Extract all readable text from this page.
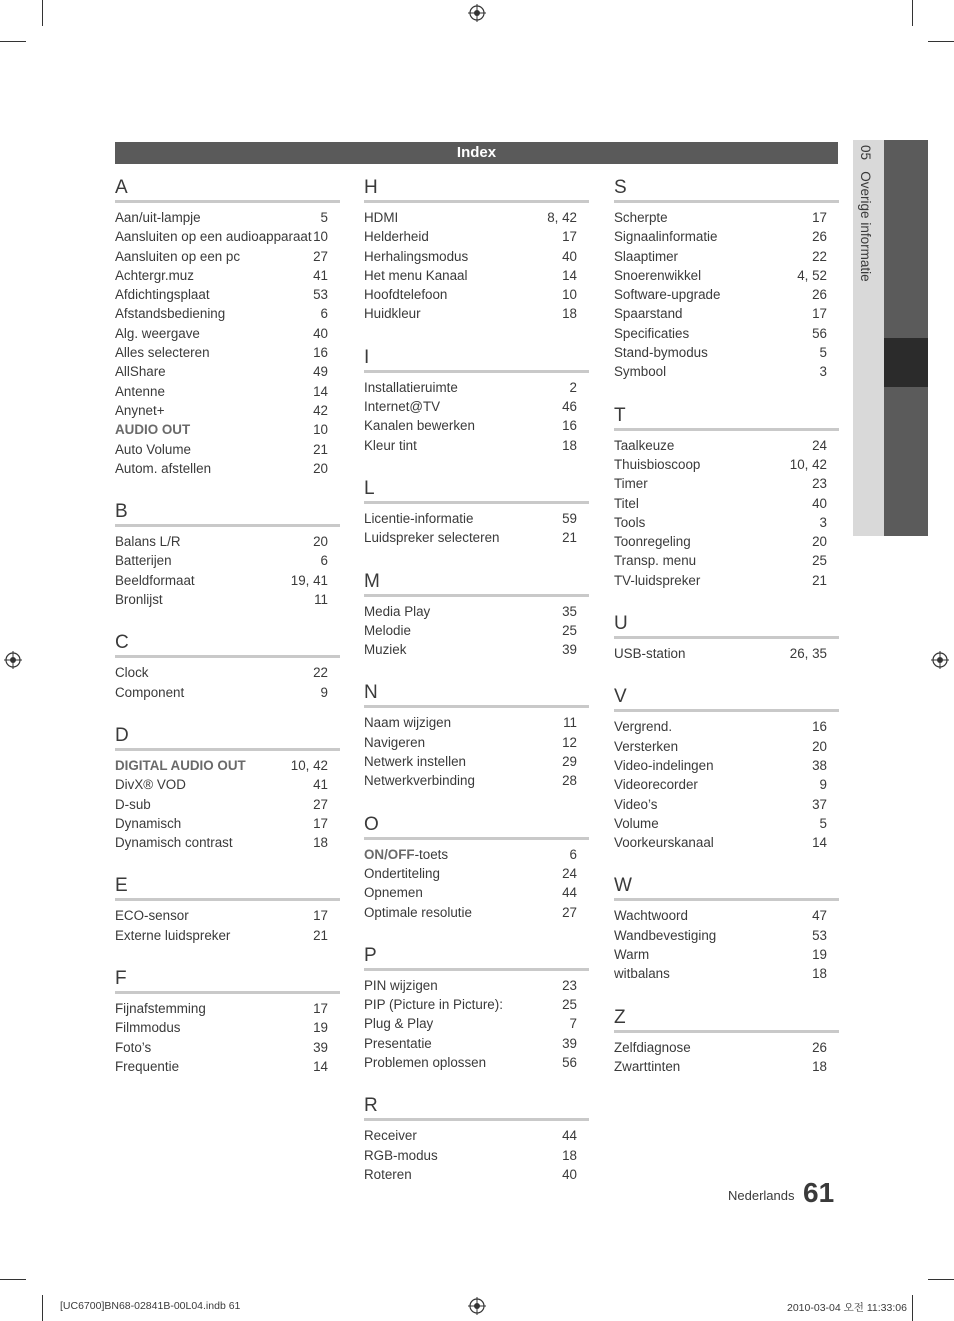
Index	05   Overige informatie
A
Aan/uit-lampje	5
Aansluiten op een audioapparaat 10
Aansluiten op een pc	27
Achtergr.muz	41
Afdichtingsplaat	53
Afstandsbediening	6
Alg. weergave	40
Alles selecteren	16
AllShare	49
Antenne	14
Anynet+	42
AUDIO OUT	10
Auto Volume	21
Autom. afstellen	20
B
Balans L/R	20
Batterijen	6
Beeldformaat	19, 41
Bronlijst	11
C
Clock	22
Component	9
D
DIGITAL AUDIO OUT	10, 42
DivX® VOD	41
D-sub	27
Dynamisch	17
Dynamisch contrast	18
E
ECO-sensor	17
Externe luidspreker	21
F
Fijnafstemming	17
Filmmodus	19
Foto’s	39
Frequentie	14
H
HDMI	8, 42
Helderheid	17
Herhalingsmodus	40
Het menu Kanaal	14
Hoofdtelefoon	10
Huidkleur	18
I
Installatieruimte	2
Internet@TV	46
Kanalen bewerken	16
Kleur tint	18
L
Licentie-informatie	59
Luidspreker selecteren	21
M
Media Play	35
Melodie	25
Muziek	39
N
Naam wijzigen	11
Navigeren	12
Netwerk instellen	29
Netwerkverbinding	28
O
ON/OFF-toets	6
Ondertiteling	24
Opnemen	44
Optimale resolutie	27
P
PIN wijzigen	23
PIP (Picture in Picture):	25
Plug & Play	7
Presentatie	39
Problemen oplossen	56
R
Receiver	44
RGB-modus	18
Roteren	40
S
Scherpte	17
Signaalinformatie	26
Slaaptimer	22
Snoerenwikkel	4, 52
Software-upgrade	26
Spaarstand	17
Specificaties	56
Stand-bymodus	5
Symbool	3
T
Taalkeuze	24
Thuisbioscoop	10, 42
Timer	23
Titel	40
Tools	3
Toonregeling	20
Transp. menu	25
TV-luidspreker	21
U
USB-station	26, 35
V
Vergrend.	16
Versterken	20
Video-indelingen	38
Videorecorder	9
Video’s	37
Volume	5
Voorkeurskanaal	14
W
Wachtwoord	47
Wandbevestiging	53
Warm	19
witbalans	18
Z
Zelfdiagnose	26
Zwarttinten	18
Nederlands 61
[UC6700]BN68-02841B-00L04.indb 61	2010-03-04 오전 11:33:06
